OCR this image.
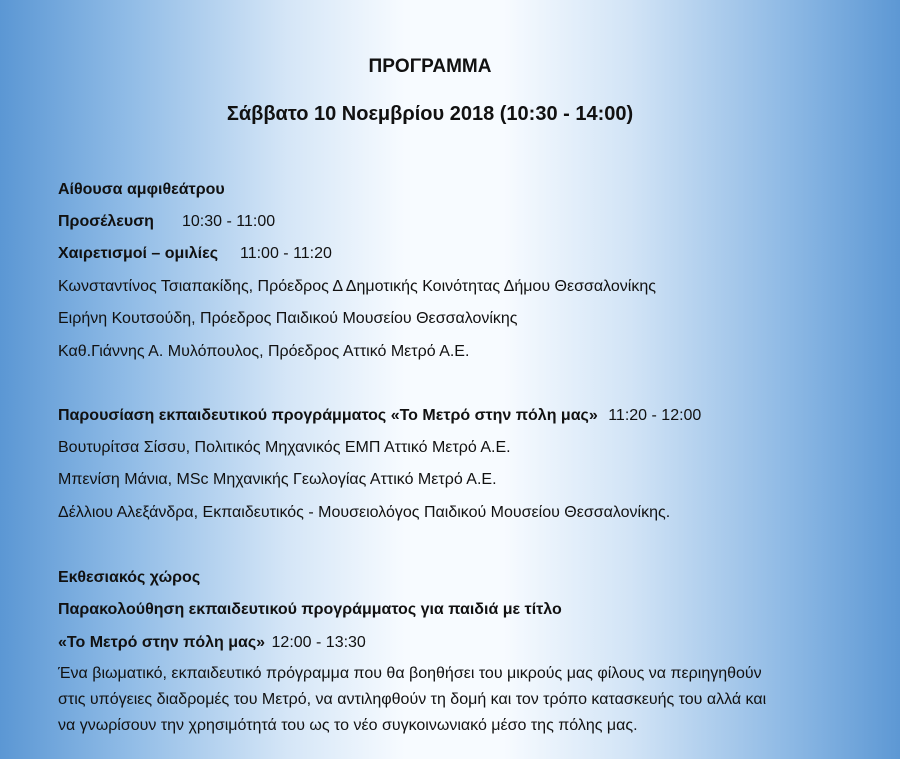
ΠΡΟΓΡΑΜΜΑ
Σάββατο 10 Νοεμβρίου 2018 (10:30 - 14:00)
Αίθουσα αμφιθεάτρου
Προσέλευση 10:30 - 11:00
Χαιρετισμοί – ομιλίες 11:00 - 11:20
Κωνσταντίνος Τσιαπακίδης, Πρόεδρος Δ Δημοτικής Κοινότητας Δήμου Θεσσαλονίκης
Ειρήνη Κουτσούδη, Πρόεδρος Παιδικού Μουσείου Θεσσαλονίκης
Καθ.Γιάννης Α. Μυλόπουλος, Πρόεδρος Αττικό Μετρό Α.Ε.
Παρουσίαση εκπαιδευτικού προγράμματος «Το Μετρό στην πόλη μας» 11:20 - 12:00
Βουτυρίτσα Σίσσυ, Πολιτικός Μηχανικός ΕΜΠ Αττικό Μετρό Α.Ε.
Μπενίση Μάνια, MSc Μηχανικής Γεωλογίας Αττικό Μετρό Α.Ε.
Δέλλιου Αλεξάνδρα, Εκπαιδευτικός - Μουσειολόγος Παιδικού Μουσείου Θεσσαλονίκης.
Εκθεσιακός χώρος
Παρακολούθηση εκπαιδευτικού προγράμματος για παιδιά με τίτλο
«Το Μετρό στην πόλη μας» 12:00 - 13:30
Ένα βιωματικό, εκπαιδευτικό πρόγραμμα που θα βοηθήσει του μικρούς μας φίλους να περιηγηθούν
στις υπόγειες διαδρομές του Μετρό, να αντιληφθούν τη δομή και τον τρόπο κατασκευής του αλλά και
να γνωρίσουν την χρησιμότητά του ως το νέο συγκοινωνιακό μέσο της πόλης μας.
